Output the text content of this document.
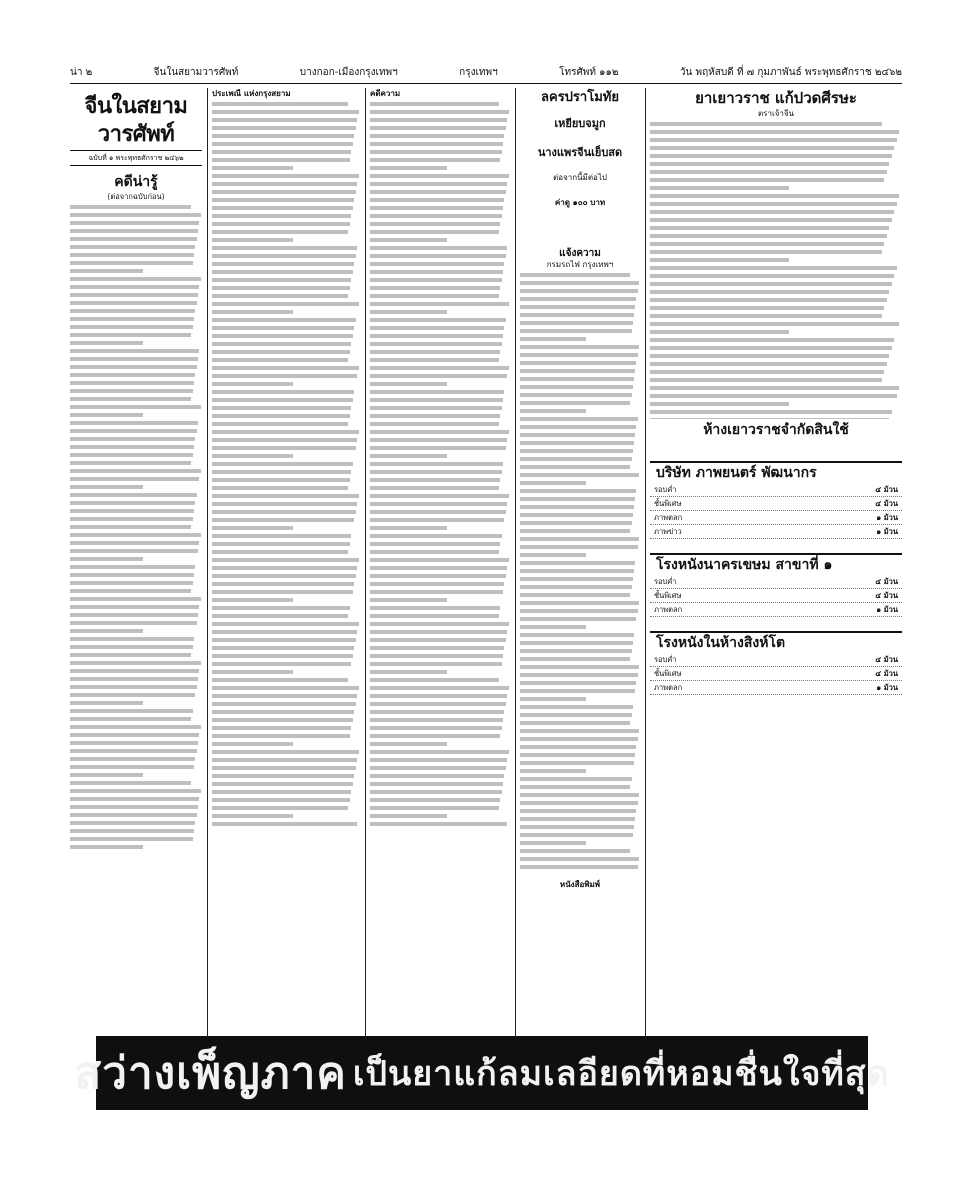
น่า ๒	จีนในสยามวารศัพท์	บางกอก-เมืองกรุงเทพฯ	กรุงเทพฯ	โทรศัพท์ ๑๑๒	วัน พฤหัสบดี ที่ ๗ กุมภาพันธ์ พระพุทธศักราช ๒๔๖๒
จีนในสยามวารศัพท์
ฉบับที่ ๑ พระพุทธศักราช ๒๔๖๒
คดีน่ารู้
(ต่อจากฉบับก่อน)
ประเพณี แห่งกรุงสยาม	คดีความ	ลครปราโมทัย
เหยียบจมูก
นางแพรจีนเย็บสด
ต่อจากนี้มีต่อไป
ค่าดู ๑๐๐ บาท
แจ้งความ
กรมรถไฟ กรุงเทพฯ
หนังสือพิมพ์
ยาเยาวราช แก้ปวดศีรษะ
ตราเจ้าจีน
ห้างเยาวราชจำกัดสินใช้
บริษัท ภาพยนตร์ พัฒนากร
รอบค่ำ	๔ ม้วน
ชั้นพิเศษ	๔ ม้วน
ภาพตลก	๑ ม้วน
ภาพข่าว	๑ ม้วน
โรงหนังนาครเขษม สาขาที่ ๑
รอบค่ำ	๔ ม้วน
ชั้นพิเศษ	๔ ม้วน
ภาพตลก	๑ ม้วน
โรงหนังในห้างสิงห์โต
รอบค่ำ	๔ ม้วน
ชั้นพิเศษ	๔ ม้วน
ภาพตลก	๑ ม้วน
สว่างเพ็ญภาค เป็นยาแก้ลมเลอียดที่หอมชื่นใจที่สุด
